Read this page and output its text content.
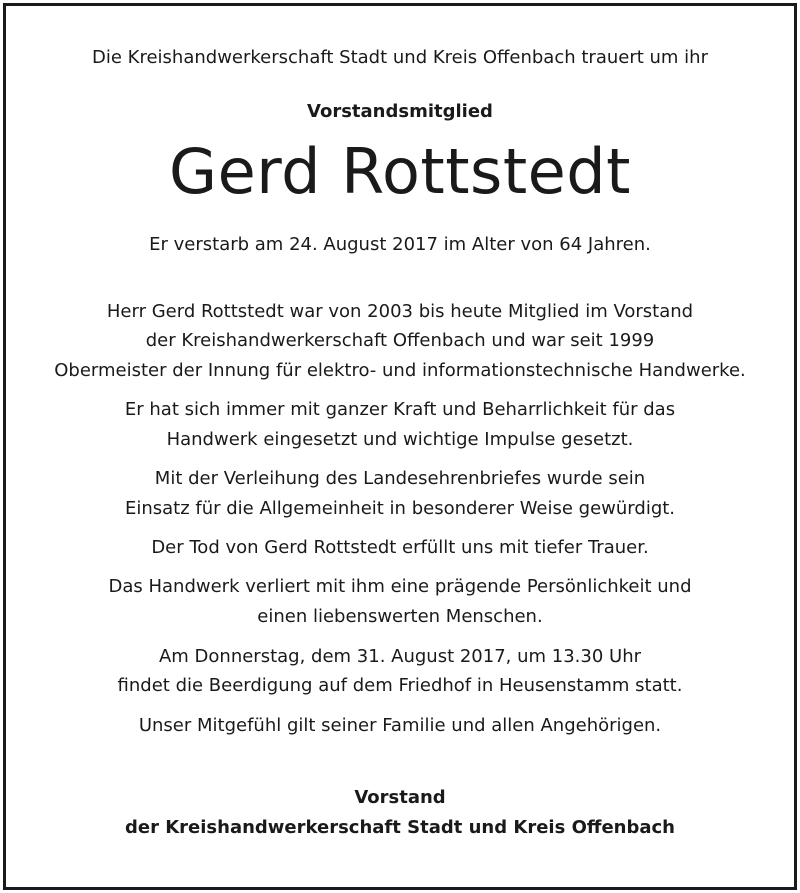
Die Kreishandwerkerschaft Stadt und Kreis Offenbach trauert um ihr
Vorstandsmitglied
Gerd Rottstedt
Er verstarb am 24. August 2017 im Alter von 64 Jahren.
Herr Gerd Rottstedt war von 2003 bis heute Mitglied im Vorstand
der Kreishandwerkerschaft Offenbach und war seit 1999
Obermeister der Innung für elektro- und informationstechnische Handwerke.
Er hat sich immer mit ganzer Kraft und Beharrlichkeit für das
Handwerk eingesetzt und wichtige Impulse gesetzt.
Mit der Verleihung des Landesehrenbriefes wurde sein
Einsatz für die Allgemeinheit in besonderer Weise gewürdigt.
Der Tod von Gerd Rottstedt erfüllt uns mit tiefer Trauer.
Das Handwerk verliert mit ihm eine prägende Persönlichkeit und
einen liebenswerten Menschen.
Am Donnerstag, dem 31. August 2017, um 13.30 Uhr
findet die Beerdigung auf dem Friedhof in Heusenstamm statt.
Unser Mitgefühl gilt seiner Familie und allen Angehörigen.
Vorstand
der Kreishandwerkerschaft Stadt und Kreis Offenbach
